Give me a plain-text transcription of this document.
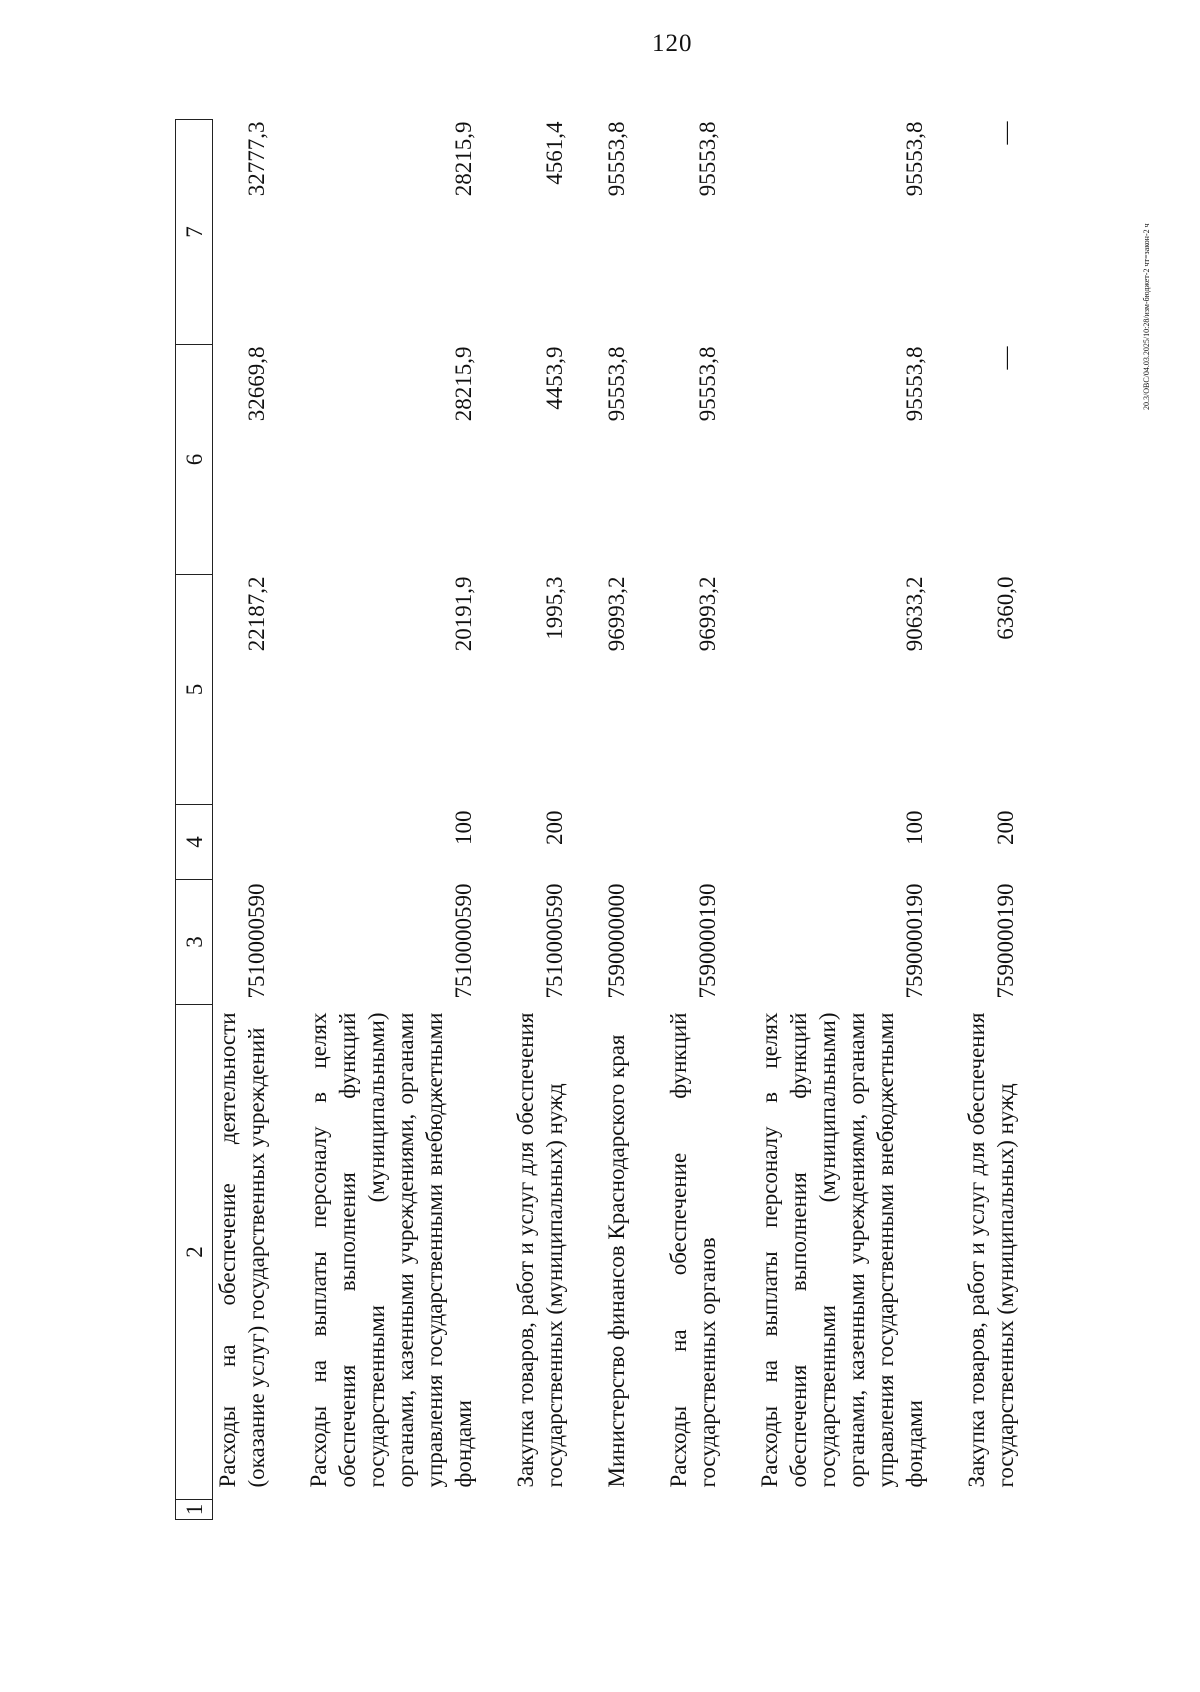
120
20.3/ОВС/04.03.2025/10:28/изм-бюджет-2 чт=закон-2 ч
1	2	3	4	5	6	7
	Расходы на обеспечение деятельности (оказание услуг) государственных учреждений	7510000590		22187,2	32669,8	32777,3

	Расходы на выплаты персоналу в целях обеспечения выполнения функций государственными (муниципальными) органами, казенными учреждениями, органами управления государственными внебюджетными фондами	7510000590	100	20191,9	28215,9	28215,9

	Закупка товаров, работ и услуг для обеспечения государственных (муниципальных) нужд	7510000590	200	1995,3	4453,9	4561,4

	Министерство финансов Краснодарского края	7590000000		96993,2	95553,8	95553,8

	Расходы на обеспечение функций государственных органов	7590000190		96993,2	95553,8	95553,8

	Расходы на выплаты персоналу в целях обеспечения выполнения функций государственными (муниципальными) органами, казенными учреждениями, органами управления государственными внебюджетными фондами	7590000190	100	90633,2	95553,8	95553,8

	Закупка товаров, работ и услуг для обеспечения государственных (муниципальных) нужд	7590000190	200	6360,0	—	—
